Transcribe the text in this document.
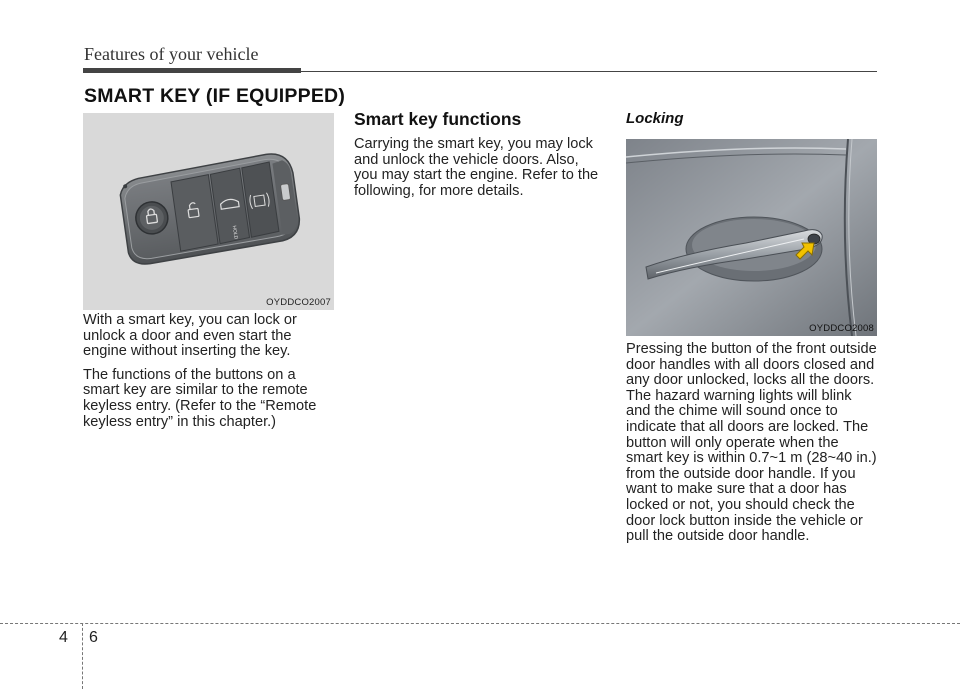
Features of your vehicle
SMART KEY (IF EQUIPPED)
HOLD
OYDDCO2007

With a smart key, you can lock or unlock a door and even start the engine without inserting the key.

The functions of the buttons on a smart key are similar to the remote keyless entry. (Refer to the “Remote keyless entry” in this chapter.)

Smart key functions

Carrying the smart key, you may lock and unlock the vehicle doors. Also, you may start the engine. Refer to the following, for more details.

Locking
OYDDCO2008

Pressing the button of the front outside door handles with all doors closed and any door unlocked, locks all the doors. The hazard warning lights will blink and the chime will sound once to indicate that all doors are locked. The button will only operate when the smart key is within 0.7~1 m (28~40 in.) from the outside door handle. If you want to make sure that a door has locked or not, you should check the door lock button inside the vehicle or pull the outside door handle.

4 6
